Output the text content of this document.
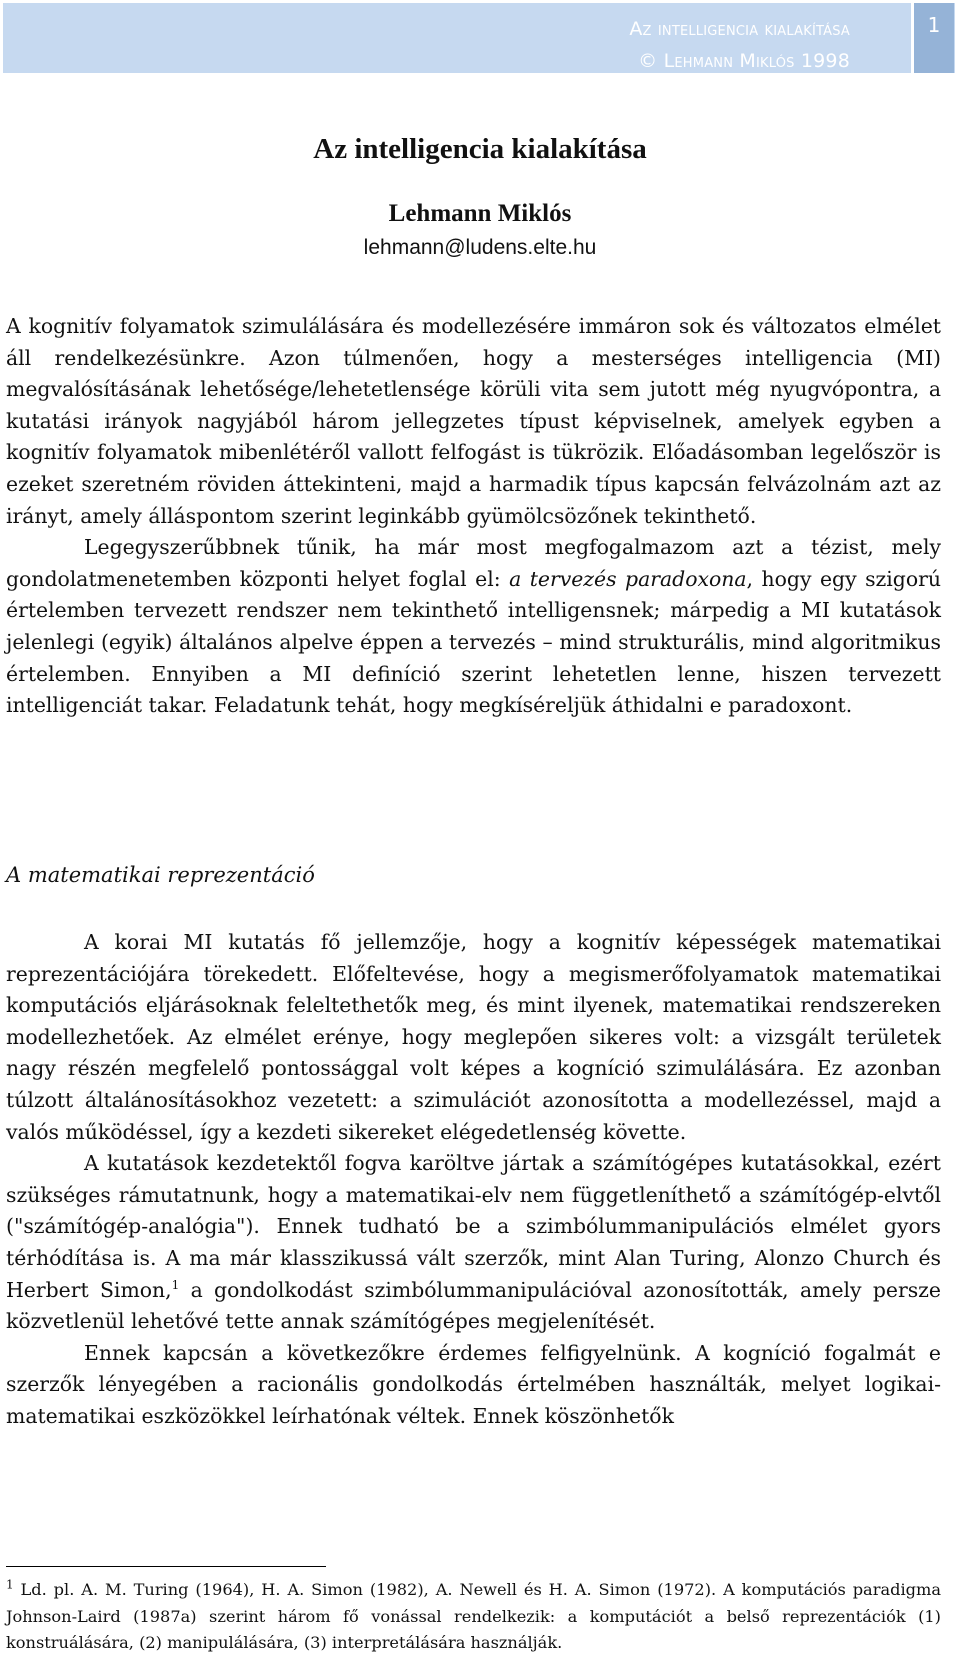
Az intelligencia kialakítása
© Lehmann Miklós 1998
1
Az intelligencia kialakítása
Lehmann Miklós
lehmann@ludens.elte.hu

A kognitív folyamatok szimulálására és modellezésére immáron sok és változatos elmélet áll rendelkezésünkre. Azon túlmenően, hogy a mesterséges intelligencia (MI) megvalósításának lehetősége/lehetetlensége körüli vita sem jutott még nyugvópontra, a kutatási irányok nagyjából három jellegzetes típust képviselnek, amelyek egyben a kognitív folyamatok mibenlétéről vallott felfogást is tükrözik. Előadásomban legelőször is ezeket szeretném röviden áttekinteni, majd a harmadik típus kapcsán felvázolnám azt az irányt, amely álláspontom szerint leginkább gyümölcsözőnek tekinthető.

Legegyszerűbbnek tűnik, ha már most megfogalmazom azt a tézist, mely gondolatmenetemben központi helyet foglal el: a tervezés paradoxona, hogy egy szigorú értelemben tervezett rendszer nem tekinthető intelligensnek; márpedig a MI kutatások jelenlegi (egyik) általános alpelve éppen a tervezés – mind strukturális, mind algoritmikus értelemben. Ennyiben a MI definíció szerint lehetetlen lenne, hiszen tervezett intelligenciát takar. Feladatunk tehát, hogy megkíséreljük áthidalni e paradoxont.

A matematikai reprezentáció

A korai MI kutatás fő jellemzője, hogy a kognitív képességek matematikai reprezentációjára törekedett. Előfeltevése, hogy a megismerőfolyamatok matematikai komputációs eljárásoknak feleltethetők meg, és mint ilyenek, matematikai rendszereken modellezhetőek. Az elmélet erénye, hogy meglepően sikeres volt: a vizsgált területek nagy részén megfelelő pontossággal volt képes a kogníció szimulálására. Ez azonban túlzott általánosításokhoz vezetett: a szimulációt azonosította a modellezéssel, majd a valós működéssel, így a kezdeti sikereket elégedetlenség követte.

A kutatások kezdetektől fogva karöltve jártak a számítógépes kutatásokkal, ezért szükséges rámutatnunk, hogy a matematikai-elv nem függetleníthető a számítógép-elvtől ("számítógép-analógia"). Ennek tudható be a szimbólummanipulációs elmélet gyors térhódítása is. A ma már klasszikussá vált szerzők, mint Alan Turing, Alonzo Church és Herbert Simon,$^1$ a gondolkodást szimbólummanipulációval azonosították, amely persze közvetlenül lehetővé tette annak számítógépes megjelenítését.

Ennek kapcsán a következőkre érdemes felfigyelnünk. A kogníció fogalmát e szerzők lényegében a racionális gondolkodás értelmében használták, melyet logikai-matematikai eszközökkel leírhatónak véltek. Ennek köszönhetők

$^1$ Ld. pl. A. M. Turing (1964), H. A. Simon (1982), A. Newell és H. A. Simon (1972). A komputációs paradigma Johnson-Laird (1987a) szerint három fő vonással rendelkezik: a komputációt a belső reprezentációk (1) konstruálására, (2) manipulálására, (3) interpretálására használják.
